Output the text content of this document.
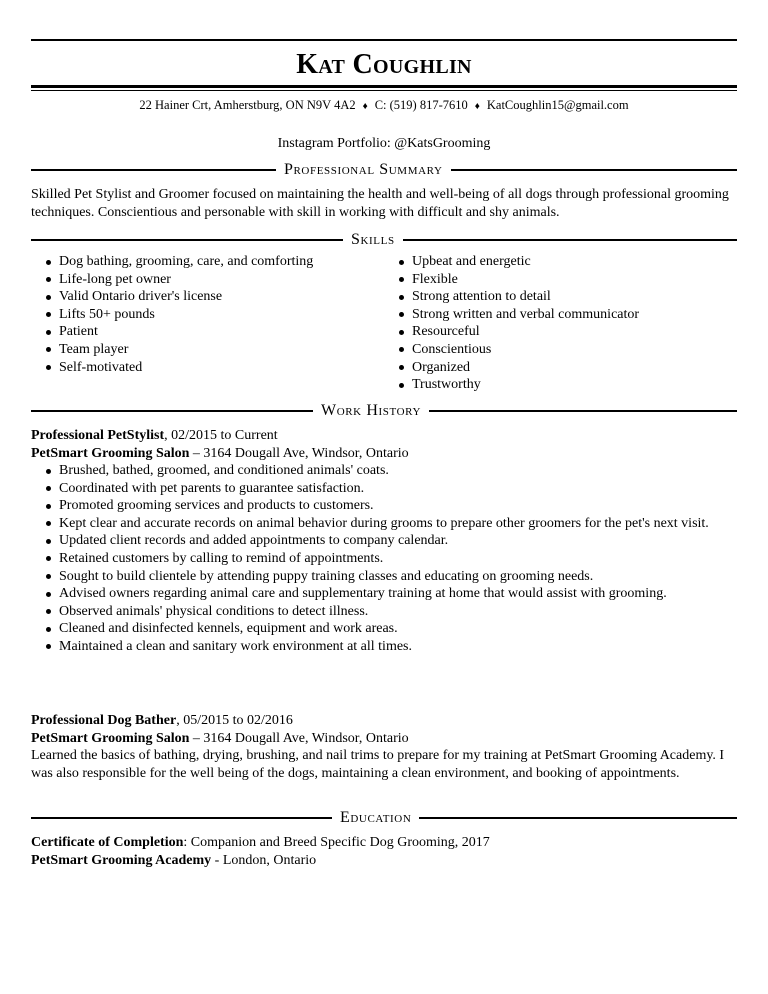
Kat Coughlin
22 Hainer Crt, Amherstburg, ON N9V 4A2 ♦ C: (519) 817-7610 ♦ KatCoughlin15@gmail.com
Instagram Portfolio: @KatsGrooming
Professional Summary
Skilled Pet Stylist and Groomer focused on maintaining the health and well-being of all dogs through professional grooming techniques. Conscientious and personable with skill in working with difficult and shy animals.
Skills
Dog bathing, grooming, care, and comforting
Life-long pet owner
Valid Ontario driver's license
Lifts 50+ pounds
Patient
Team player
Self-motivated
Upbeat and energetic
Flexible
Strong attention to detail
Strong written and verbal communicator
Resourceful
Conscientious
Organized
Trustworthy
Work History
Professional PetStylist, 02/2015 to Current
PetSmart Grooming Salon – 3164 Dougall Ave, Windsor, Ontario
Brushed, bathed, groomed, and conditioned animals' coats.
Coordinated with pet parents to guarantee satisfaction.
Promoted grooming services and products to customers.
Kept clear and accurate records on animal behavior during grooms to prepare other groomers for the pet's next visit.
Updated client records and added appointments to company calendar.
Retained customers by calling to remind of appointments.
Sought to build clientele by attending puppy training classes and educating on grooming needs.
Advised owners regarding animal care and supplementary training at home that would assist with grooming.
Observed animals' physical conditions to detect illness.
Cleaned and disinfected kennels, equipment and work areas.
Maintained a clean and sanitary work environment at all times.
Professional Dog Bather, 05/2015 to 02/2016
PetSmart Grooming Salon – 3164 Dougall Ave, Windsor, Ontario
Learned the basics of bathing, drying, brushing, and nail trims to prepare for my training at PetSmart Grooming Academy. I was also responsible for the well being of the dogs, maintaining a clean environment, and booking of appointments.
Education
Certificate of Completion: Companion and Breed Specific Dog Grooming, 2017
PetSmart Grooming Academy - London, Ontario
